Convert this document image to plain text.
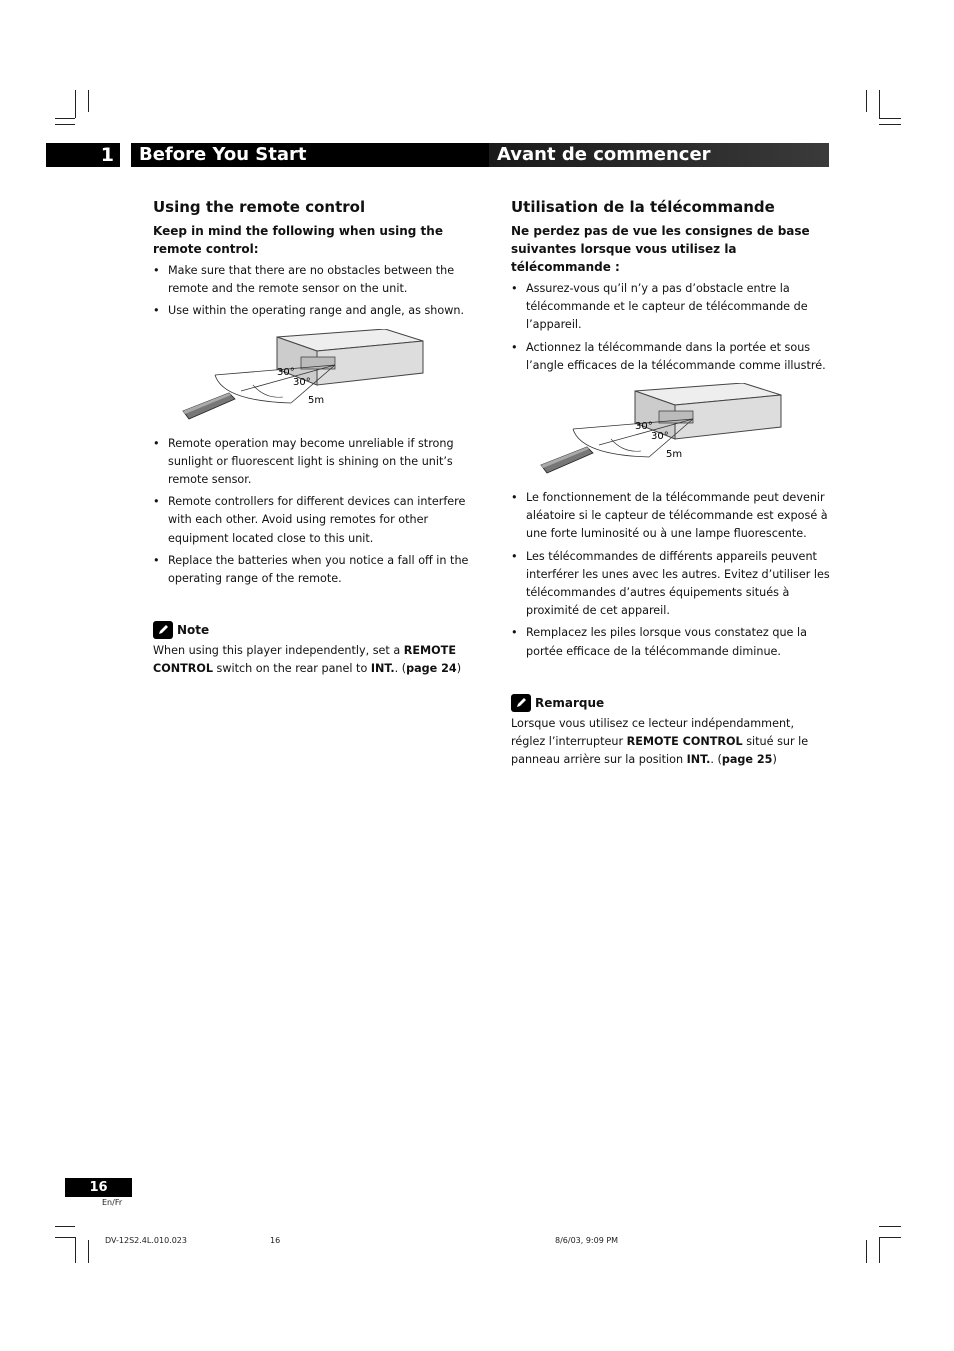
1	Before You Start	Avant de commencer
Using the remote control

Keep in mind the following when using the remote control:

• Make sure that there are no obstacles between the remote and the remote sensor on the unit.
• Use within the operating range and angle, as shown.
30°
30°
5m
• Remote operation may become unreliable if strong sunlight or fluorescent light is shining on the unit’s remote sensor.
• Remote controllers for different devices can interfere with each other. Avoid using remotes for other equipment located close to this unit.
• Replace the batteries when you notice a fall off in the operating range of the remote.
Note

When using this player independently, set a REMOTE CONTROL switch on the rear panel to INT.. (page 24)

Utilisation de la télécommande

Ne perdez pas de vue les consignes de base suivantes lorsque vous utilisez la télécommande :

• Assurez-vous qu’il n’y a pas d’obstacle entre la télécommande et le capteur de télécommande de l’appareil.
• Actionnez la télécommande dans la portée et sous l’angle efficaces de la télécommande comme illustré.
30°
30°
5m
• Le fonctionnement de la télécommande peut devenir aléatoire si le capteur de télécommande est exposé à une forte luminosité ou à une lampe fluorescente.
• Les télécommandes de différents appareils peuvent interférer les unes avec les autres. Evitez d’utiliser les télécommandes d’autres équipements situés à proximité de cet appareil.
• Remplacez les piles lorsque vous constatez que la portée efficace de la télécommande diminue.
Remarque

Lorsque vous utilisez ce lecteur indépendamment, réglez l’interrupteur REMOTE CONTROL situé sur le panneau arrière sur la position INT.. (page 25)

16
En/Fr
DV-12S2.4L.010.023	16	8/6/03, 9:09 PM
